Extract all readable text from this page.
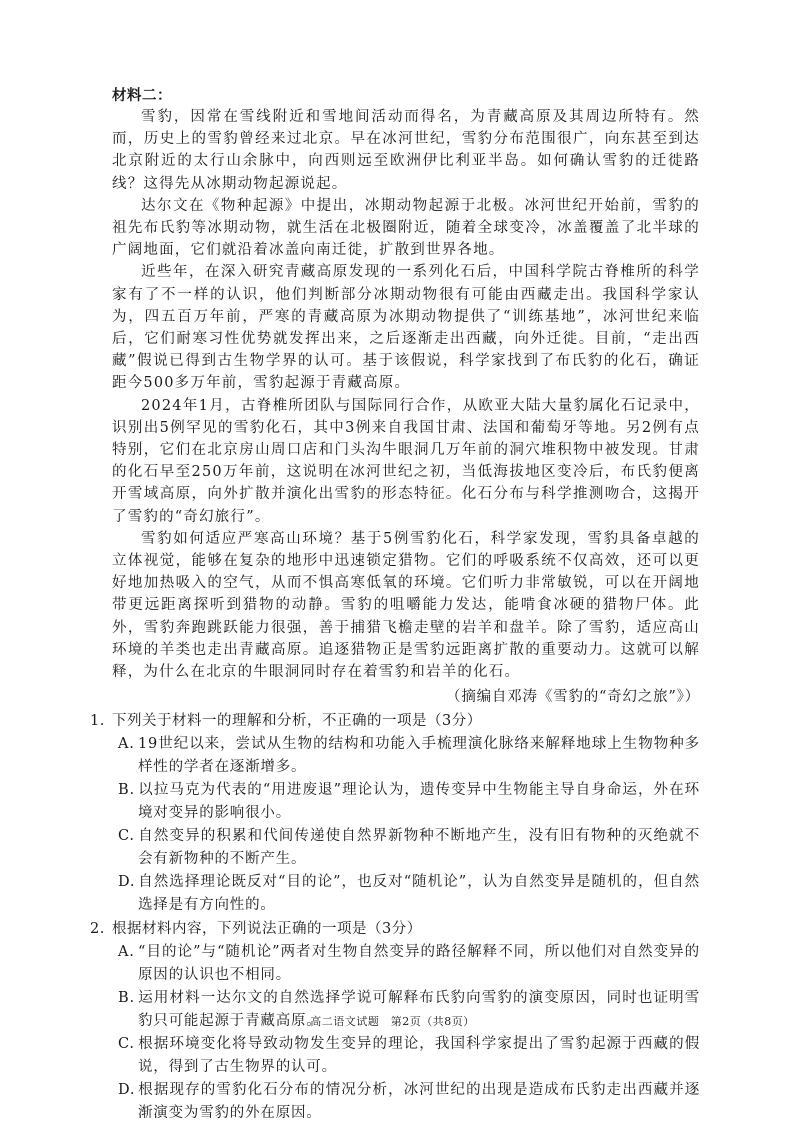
材料二：

雪豹，因常在雪线附近和雪地间活动而得名，为青藏高原及其周边所特有。然而，历史上的雪豹曾经来过北京。早在冰河世纪，雪豹分布范围很广，向东甚至到达北京附近的太行山余脉中，向西则远至欧洲伊比利亚半岛。如何确认雪豹的迁徙路线？这得先从冰期动物起源说起。

达尔文在《物种起源》中提出，冰期动物起源于北极。冰河世纪开始前，雪豹的祖先布氏豹等冰期动物，就生活在北极圈附近，随着全球变冷，冰盖覆盖了北半球的广阔地面，它们就沿着冰盖向南迁徙，扩散到世界各地。

近些年，在深入研究青藏高原发现的一系列化石后，中国科学院古脊椎所的科学家有了不一样的认识，他们判断部分冰期动物很有可能由西藏走出。我国科学家认为，四五百万年前，严寒的青藏高原为冰期动物提供了“训练基地”，冰河世纪来临后，它们耐寒习性优势就发挥出来，之后逐渐走出西藏，向外迁徙。目前，“走出西藏”假说已得到古生物学界的认可。基于该假说，科学家找到了布氏豹的化石，确证距今500多万年前，雪豹起源于青藏高原。

2024年1月，古脊椎所团队与国际同行合作，从欧亚大陆大量豹属化石记录中，识别出5例罕见的雪豹化石，其中3例来自我国甘肃、法国和葡萄牙等地。另2例有点特别，它们在北京房山周口店和门头沟牛眼洞几万年前的洞穴堆积物中被发现。甘肃的化石早至250万年前，这说明在冰河世纪之初，当低海拔地区变冷后，布氏豹便离开雪域高原，向外扩散并演化出雪豹的形态特征。化石分布与科学推测吻合，这揭开了雪豹的“奇幻旅行”。

雪豹如何适应严寒高山环境？基于5例雪豹化石，科学家发现，雪豹具备卓越的立体视觉，能够在复杂的地形中迅速锁定猎物。它们的呼吸系统不仅高效，还可以更好地加热吸入的空气，从而不惧高寒低氧的环境。它们听力非常敏锐，可以在开阔地带更远距离探听到猎物的动静。雪豹的咀嚼能力发达，能啃食冰硬的猎物尸体。此外，雪豹奔跑跳跃能力很强，善于捕猎飞檐走壁的岩羊和盘羊。除了雪豹，适应高山环境的羊类也走出青藏高原。追逐猎物正是雪豹远距离扩散的重要动力。这就可以解释，为什么在北京的牛眼洞同时存在着雪豹和岩羊的化石。

（摘编自邓涛《雪豹的“奇幻之旅”》）

1. 下列关于材料一的理解和分析，不正确的一项是（3分）

A. 19世纪以来，尝试从生物的结构和功能入手梳理演化脉络来解释地球上生物物种多样性的学者在逐渐增多。

B. 以拉马克为代表的“用进废退”理论认为，遗传变异中生物能主导自身命运，外在环境对变异的影响很小。

C. 自然变异的积累和代间传递使自然界新物种不断地产生，没有旧有物种的灭绝就不会有新物种的不断产生。

D. 自然选择理论既反对“目的论”，也反对“随机论”，认为自然变异是随机的，但自然选择是有方向性的。

2. 根据材料内容，下列说法正确的一项是（3分）

A. “目的论”与“随机论”两者对生物自然变异的路径解释不同，所以他们对自然变异的原因的认识也不相同。

B. 运用材料一达尔文的自然选择学说可解释布氏豹向雪豹的演变原因，同时也证明雪豹只可能起源于青藏高原。

C. 根据环境变化将导致动物发生变异的理论，我国科学家提出了雪豹起源于西藏的假说，得到了古生物界的认可。

D. 根据现存的雪豹化石分布的情况分析，冰河世纪的出现是造成布氏豹走出西藏并逐渐演变为雪豹的外在原因。

高二语文试题　第2页（共8页）
